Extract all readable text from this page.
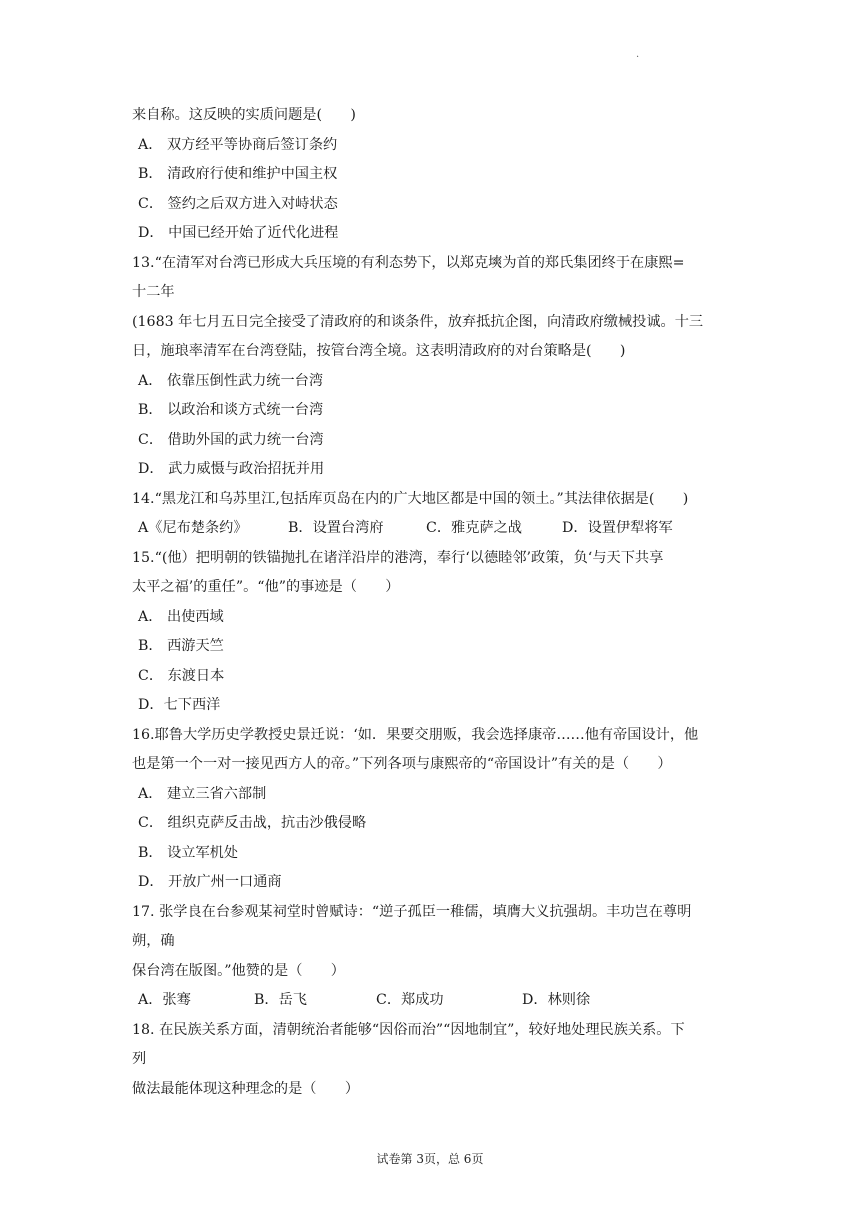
·
来自称。这反映的实质问题是(　　)
A． 双方经平等协商后签订条约
B． 清政府行使和维护中国主权
C． 签约之后双方进入对峙状态
D． 中国已经开始了近代化进程
13.“在清军对台湾已形成大兵压境的有利态势下，以郑克塽为首的郑氏集团终于在康熙=
十二年
(1683 年七月五日完全接受了清政府的和谈条件，放弃抵抗企图，向清政府缴械投诚。十三
日，施琅率清军在台湾登陆，按管台湾全境。这表明清政府的对台策略是(　　)
A． 依靠压倒性武力统一台湾
B． 以政治和谈方式统一台湾
C． 借助外国的武力统一台湾
D． 武力威慑与政治招抚并用
14.“黑龙江和乌苏里江,包括库页岛在内的广大地区都是中国的领土。”其法律依据是(　　)
A《尼布楚条约》	B．设置台湾府	C．雅克萨之战	D．设置伊犁将军
15.“(他）把明朝的铁锚抛扎在诸洋沿岸的港湾，奉行‘以德睦邻’政策，负‘与天下共享
太平之福’的重任”。“他”的事迹是（　　）
A． 出使西域
B． 西游天竺
C． 东渡日本
D．七下西洋
16.耶鲁大学历史学教授史景迁说：‘如．果要交朋贩，我会选择康帝……他有帝国设计，他
也是第一个一对一接见西方人的帝。”下列各项与康熙帝的“帝国设计”有关的是（　　）
A． 建立三省六部制
C． 组织克萨反击战，抗击沙俄侵略
B． 设立军机处
D． 开放广州一口通商
17. 张学良在台参观某祠堂时曾赋诗：“逆子孤臣一稚儒，填膺大义抗强胡。丰功岂在尊明
朔，确
保台湾在版图。”他赞的是（　　）
A．张骞	B．岳飞	C．郑成功	D．林则徐
18. 在民族关系方面，清朝统治者能够“因俗而治”“因地制宜”，较好地处理民族关系。下
列
做法最能体现这种理念的是（　　）
试卷第 3页，总 6页
